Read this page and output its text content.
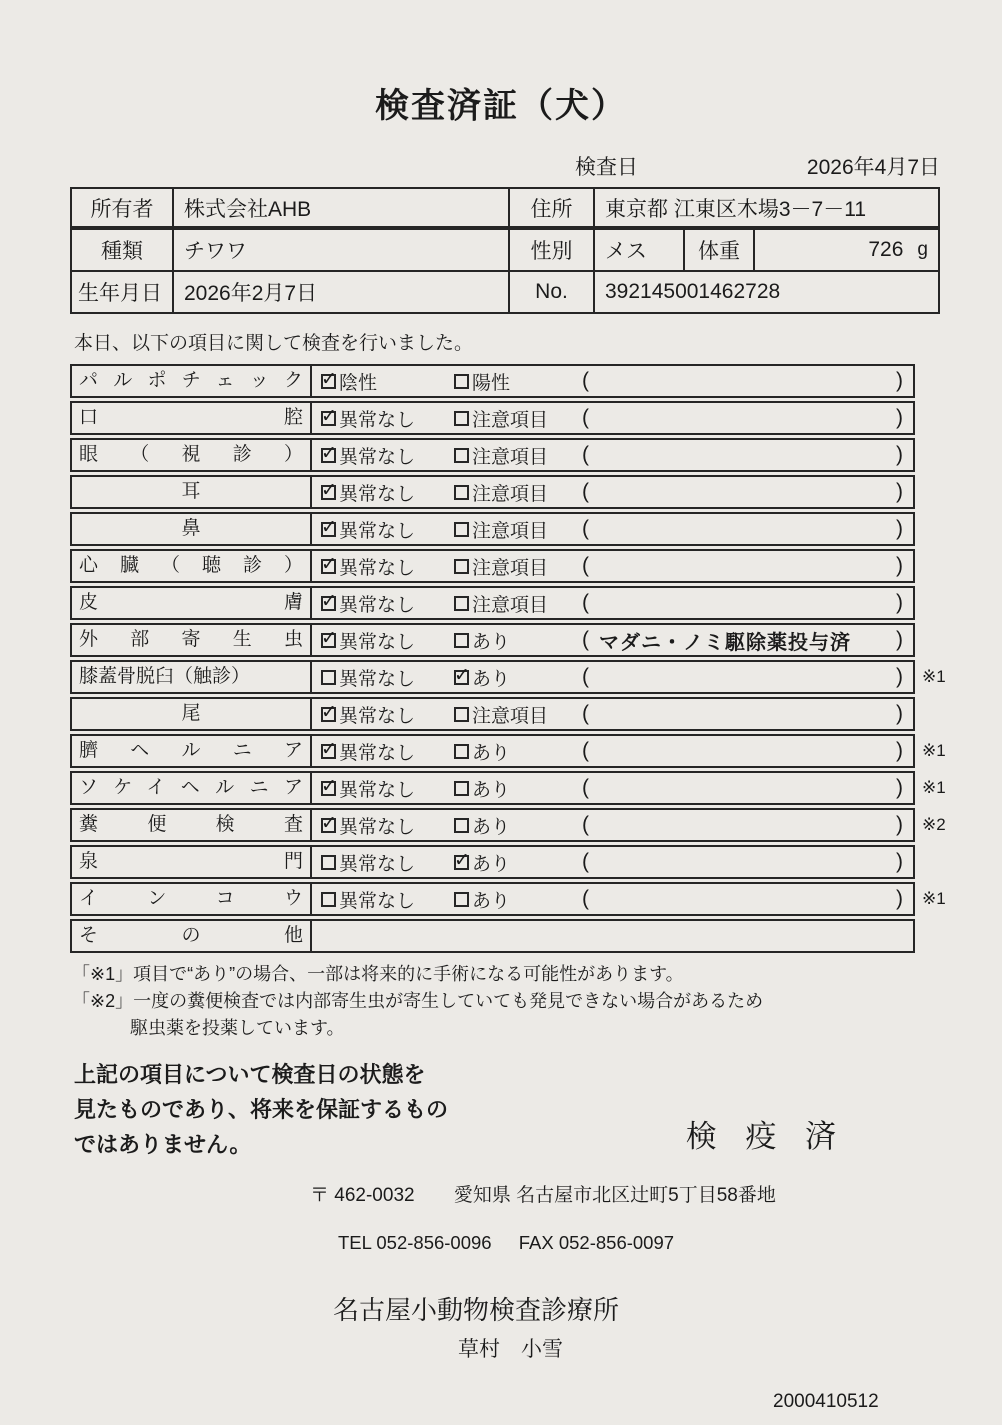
検査済証（犬）
検査日	2026年4月7日
所有者	株式会社AHB	住所	東京都 江東区木場3－7－11
種類	チワワ	性別	メス	体重	726 g
生年月日	2026年2月7日	No.	392145001462728
本日、以下の項目に関して検査を行いました。
パルポチェック ✓	陰性	陽性	(	)
口腔 ✓	異常なし	注意項目 (	)
眼（視診） ✓	異常なし	注意項目 (	)
耳 ✓	異常なし	注意項目 (	)
鼻 ✓	異常なし	注意項目 (	)
心臓（聴診） ✓	異常なし	注意項目 (	)
皮膚 ✓	異常なし	注意項目 (	)
外部寄生虫 ✓	異常なし	あり	( マダニ・ノミ駆除薬投与済	)
膝蓋骨脱臼（触診）	異常なし ✓	あり	(	)	※1
尾 ✓	異常なし	注意項目 (	)
臍ヘルニア ✓	異常なし	あり	(	)	※1
ソケイヘルニア ✓	異常なし	あり	(	)	※1
糞便検査 ✓	異常なし	あり	(	)	※2
泉門	異常なし ✓	あり	(	)
インコウ	異常なし	あり	(	)	※1
その他
「※1」項目で“あり”の場合、一部は将来的に手術になる可能性があります。
「※2」一度の糞便検査では内部寄生虫が寄生していても発見できない場合があるため
駆虫薬を投薬しています。
上記の項目について検査日の状態を
見たものであり、将来を保証するもの
ではありません。	検 疫 済
〒 462-0032 愛知県 名古屋市北区辻町5丁目58番地
TEL 052-856-0096 FAX 052-856-0097
名古屋小動物検査診療所
草村　小雪
2000410512
